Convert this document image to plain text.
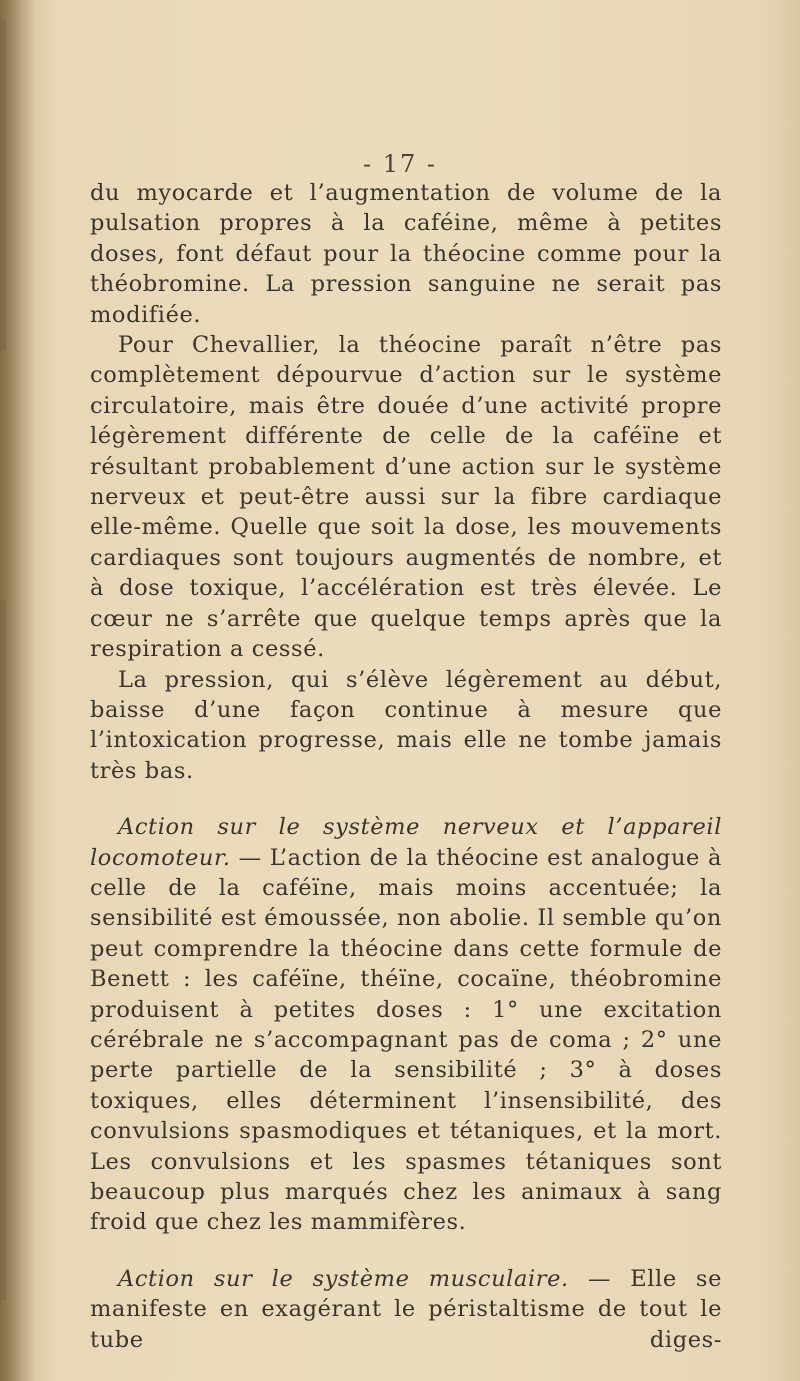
- 17 -

du myocarde et l’augmentation de volume de la pulsation propres à la caféine, même à petites doses, font défaut pour la théocine comme pour la théobromine. La pression sanguine ne serait pas modifiée.

Pour Chevallier, la théocine paraît n’être pas complètement dépourvue d’action sur le système circulatoire, mais être douée d’une activité propre légèrement différente de celle de la caféïne et résultant probablement d’une action sur le système nerveux et peut-être aussi sur la fibre cardiaque elle-même. Quelle que soit la dose, les mouvements cardiaques sont toujours augmentés de nombre, et à dose toxique, l’accélération est très élevée. Le cœur ne s’arrête que quelque temps après que la respiration a cessé.

La pression, qui s’élève légèrement au début, baisse d’une façon continue à mesure que l’intoxication progresse, mais elle ne tombe jamais très bas.

Action sur le système nerveux et l’appareil locomoteur. — L’action de la théocine est analogue à celle de la caféïne, mais moins accentuée; la sensibilité est émoussée, non abolie. Il semble qu’on peut comprendre la théocine dans cette formule de Benett : les caféïne, théïne, cocaïne, théobromine produisent à petites doses : 1° une excitation cérébrale ne s’accompagnant pas de coma ; 2° une perte partielle de la sensibilité ; 3° à doses toxiques, elles déterminent l’insensibilité, des convulsions spasmodiques et tétaniques, et la mort. Les convulsions et les spasmes tétaniques sont beaucoup plus marqués chez les animaux à sang froid que chez les mammifères.

Action sur le système musculaire. — Elle se manifeste en exagérant le péristaltisme de tout le tube diges-
